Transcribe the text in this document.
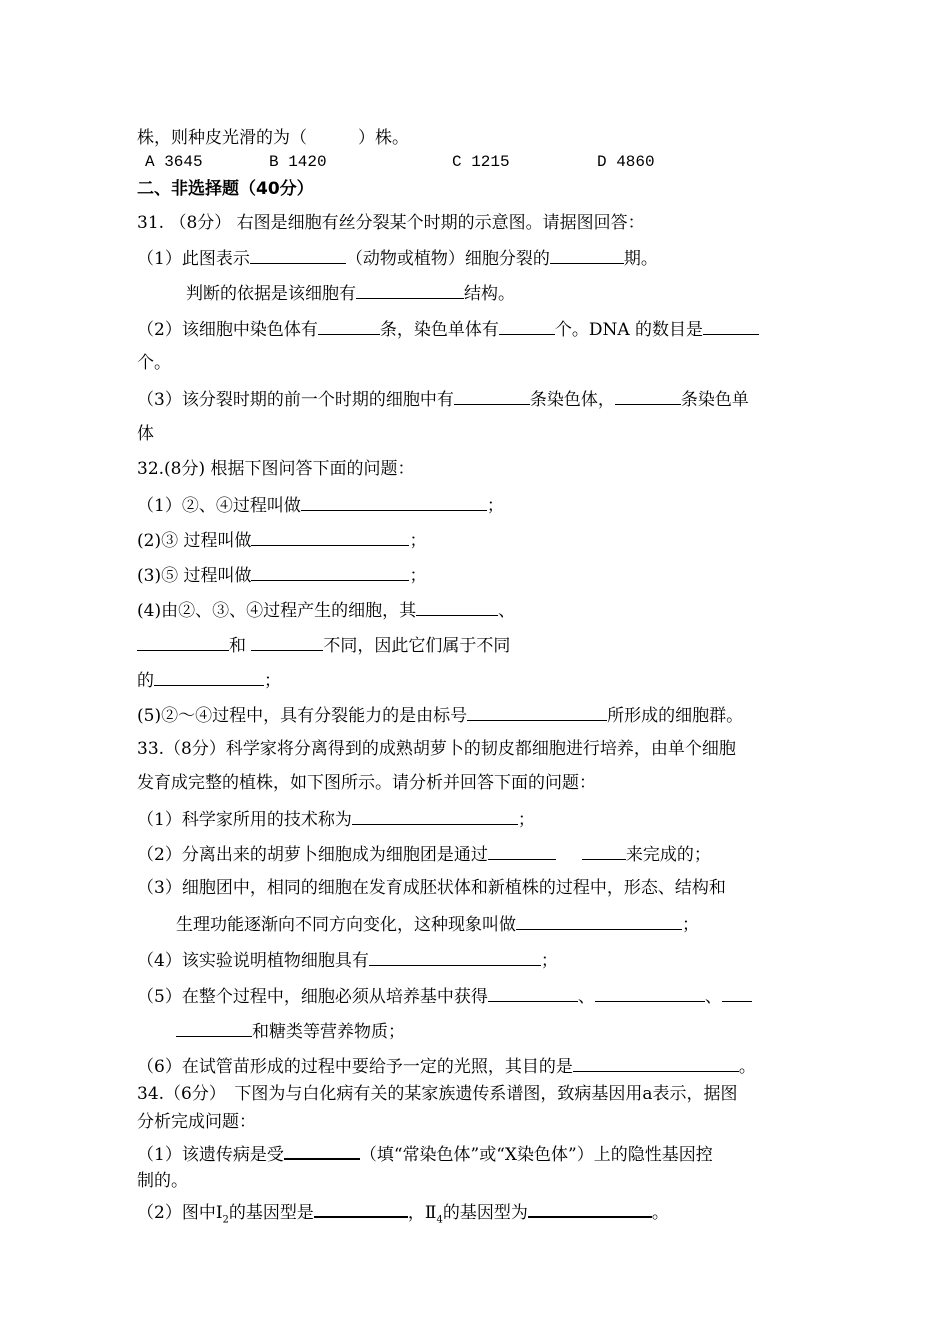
株，则种皮光滑的为（　　　）株。
A 3645	B 1420	C 1215	D 4860
二、非选择题（40分）
31. （8分） 右图是细胞有丝分裂某个时期的示意图。请据图回答：
（1）此图表示	（动物或植物）细胞分裂的	期。
判断的依据是该细胞有	结构。
（2）该细胞中染色体有	条，染色单体有	个。DNA 的数目是
个。
（3）该分裂时期的前一个时期的细胞中有	条染色体，	条染色单
体
32.(8分) 根据下图问答下面的问题：
（1）②、④过程叫做	；
(2)③ 过程叫做	；
(3)⑤ 过程叫做	；
(4)由②、③、④过程产生的细胞，其	、
和	不同，因此它们属于不同
的	；
(5)②～④过程中，具有分裂能力的是由标号	所形成的细胞群。
33.（8分）科学家将分离得到的成熟胡萝卜的韧皮都细胞进行培养，由单个细胞
发育成完整的植株，如下图所示。请分析并回答下面的问题：
（1）科学家所用的技术称为	；
（2）分离出来的胡萝卜细胞成为细胞团是通过	来完成的；
（3）细胞团中，相同的细胞在发育成胚状体和新植株的过程中，形态、结构和
生理功能逐渐向不同方向变化，这种现象叫做	；
（4）该实验说明植物细胞具有	；
（5）在整个过程中，细胞必须从培养基中获得	、	、
和糖类等营养物质；
（6）在试管苗形成的过程中要给予一定的光照，其目的是	。
34.（6分）　下图为与白化病有关的某家族遗传系谱图，致病基因用a表示，据图
分析完成问题：
（1）该遗传病是受	（填“常染色体”或“X染色体”）上的隐性基因控
制的。
（2）图中$I_2$的基因型是	，$Ⅱ_4$的基因型为	。
